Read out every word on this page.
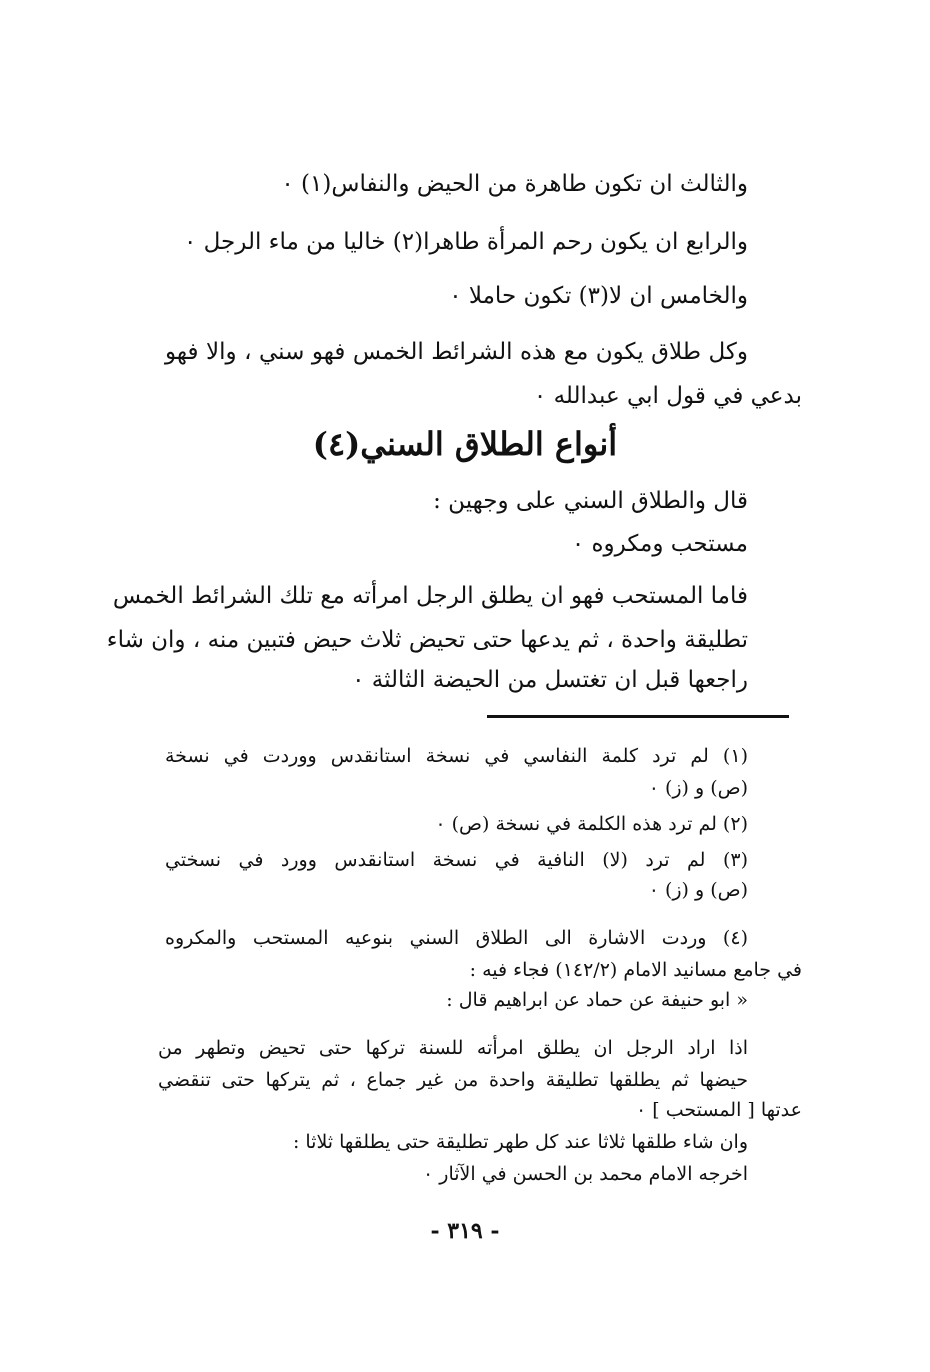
والثالث ان تكون طاهرة من الحيض والنفاس(١) ٠
والرابع ان يكون رحم المرأة طاهرا(٢) خاليا من ماء الرجل ٠
والخامس ان لا(٣) تكون حاملا ٠
وكل طلاق يكون مع هذه الشرائط الخمس فهو سني ، والا فهو
بدعي في قول ابي عبدالله ٠
أنواع الطلاق السني(٤)
قال والطلاق السني على وجهين :
مستحب ومكروه ٠
فاما المستحب فهو ان يطلق الرجل امرأته مع تلك الشرائط الخمس
تطليقة واحدة ، ثم يدعها حتى تحيض ثلاث حيض فتبين منه ، وان شاء
راجعها قبل ان تغتسل من الحيضة الثالثة ٠
(١) لم ترد كلمة النفاسي في نسخة استانقدس ووردت في نسخة
(ص) و (ز) ٠
(٢) لم ترد هذه الكلمة في نسخة (ص) ٠
(٣) لم ترد (لا) النافية في نسخة استانقدس وورد في نسختي
(ص) و (ز) ٠
(٤) وردت الاشارة الى الطلاق السني بنوعيه المستحب والمكروه
في جامع مسانيد الامام (١٤٢/٢) فجاء فيه :
« ابو حنيفة عن حماد عن ابراهيم قال :
اذا اراد الرجل ان يطلق امرأته للسنة تركها حتى تحيض وتطهر من
حيضها ثم يطلقها تطليقة واحدة من غير جماع ، ثم يتركها حتى تنقضي
عدتها [ المستحب ] ٠
وان شاء طلقها ثلاثا عند كل طهر تطليقة حتى يطلقها ثلاثا :
اخرجه الامام محمد بن الحسن في الآثار ٠
- ٣١٩ -
